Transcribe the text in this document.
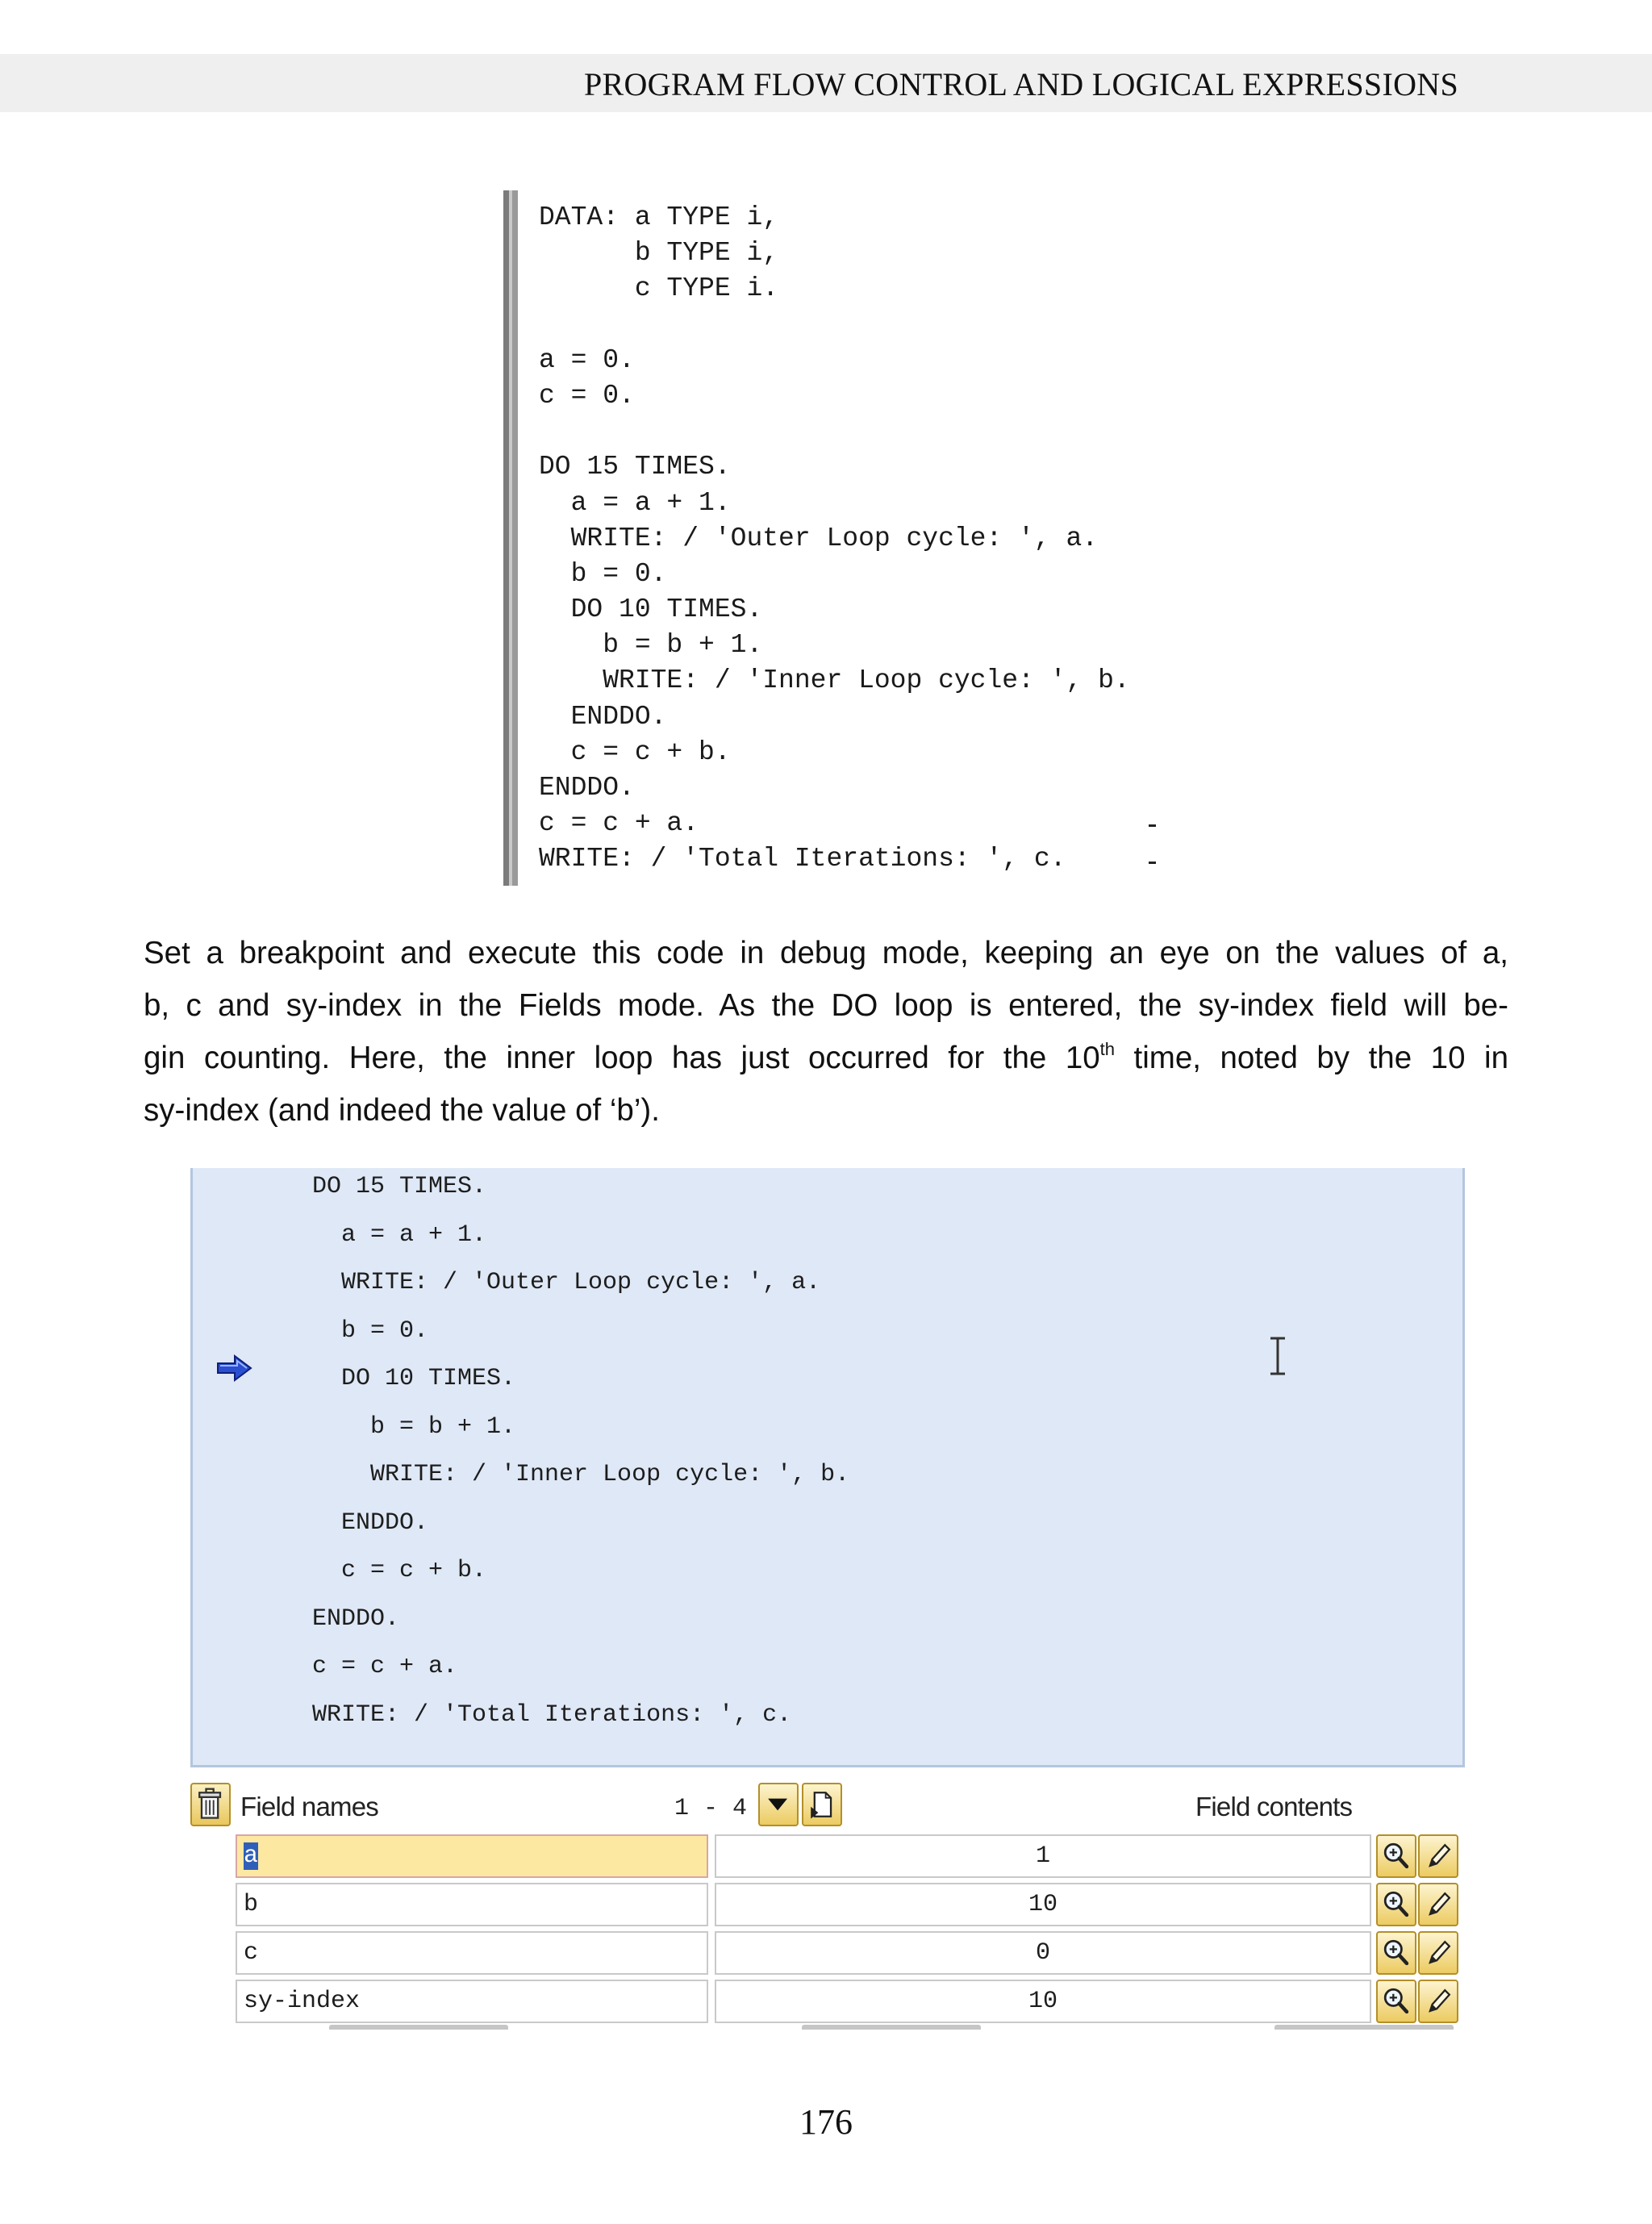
PROGRAM FLOW CONTROL AND LOGICAL EXPRESSIONS
DATA: a TYPE i,
b TYPE i,
c TYPE i.
a = 0.
c = 0.
DO 15 TIMES.
a = a + 1.
WRITE: / 'Outer Loop cycle: ', a.
b = 0.
DO 10 TIMES.
b = b + 1.
WRITE: / 'Inner Loop cycle: ', b.
ENDDO.
c = c + b.
ENDDO.
c = c + a.
WRITE: / 'Total Iterations: ', c.
Set a breakpoint and execute this code in debug mode, keeping an eye on the values of a,
b, c and sy-index in the Fields mode. As the DO loop is entered, the sy-index field will be-
gin counting. Here, the inner loop has just occurred for the 10th time, noted by the 10 in
sy-index (and indeed the value of ‘b’).
DO 15 TIMES.
a = a + 1.
WRITE: / 'Outer Loop cycle: ', a.
b = 0.
DO 10 TIMES.
b = b + 1.
WRITE: / 'Inner Loop cycle: ', b.
ENDDO.
c = c + b.
ENDDO.
c = c + a.
WRITE: / 'Total Iterations: ', c.
Field names	1 - 4	Field contents
a	1
b	10
c	0
sy-index	10
176
